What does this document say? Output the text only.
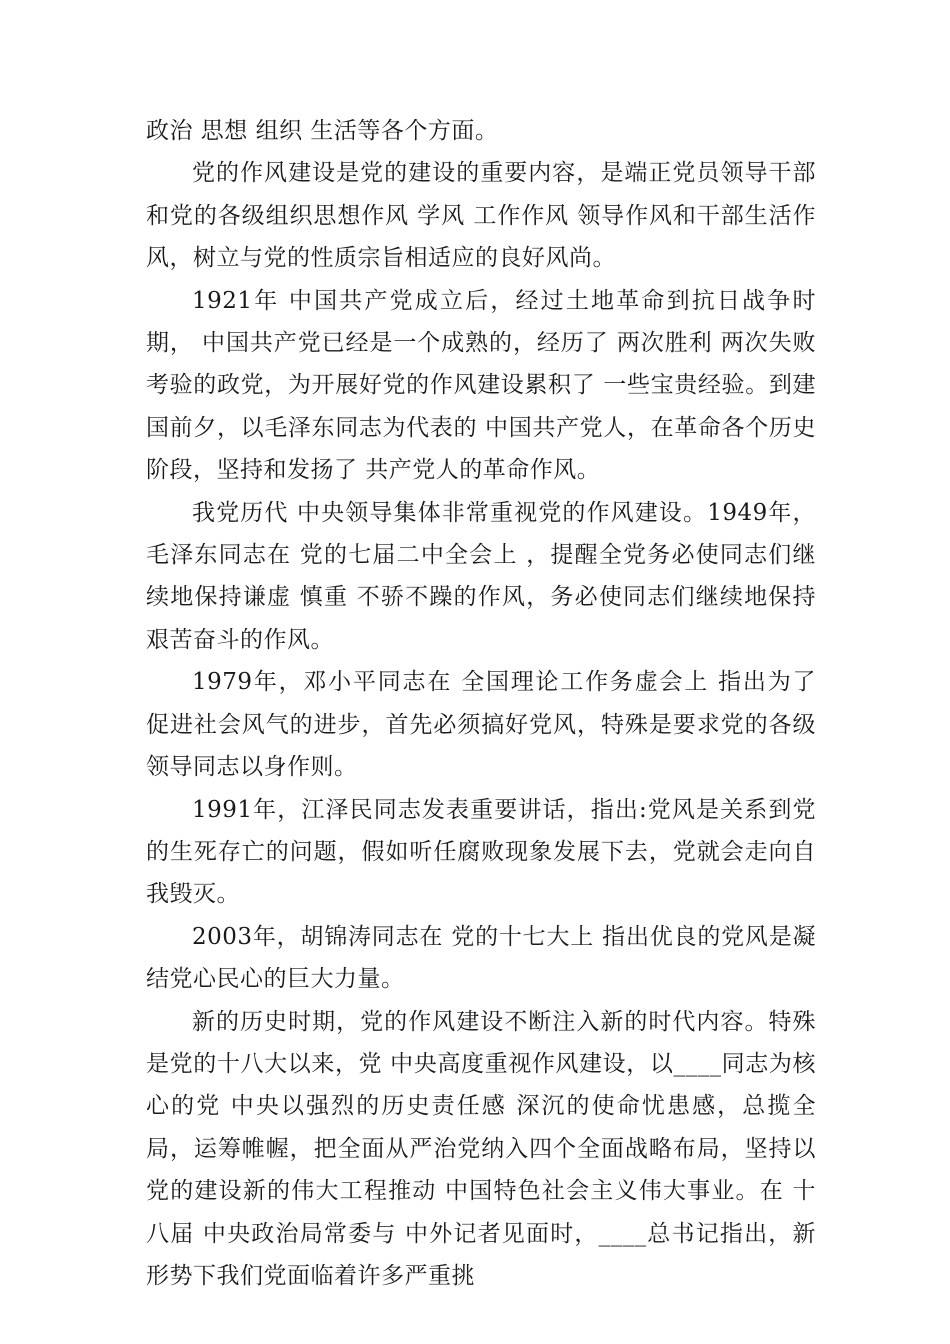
政治 思想 组织 生活等各个方面。

党的作风建设是党的建设的重要内容，是端正党员领导干部和党的各级组织思想作风 学风 工作作风 领导作风和干部生活作风，树立与党的性质宗旨相适应的良好风尚。

1921年 中国共产党成立后，经过土地革命到抗日战争时期， 中国共产党已经是一个成熟的，经历了 两次胜利 两次失败考验的政党，为开展好党的作风建设累积了 一些宝贵经验。到建国前夕，以毛泽东同志为代表的 中国共产党人，在革命各个历史阶段，坚持和发扬了 共产党人的革命作风。

我党历代 中央领导集体非常重视党的作风建设。1949年，毛泽东同志在 党的七届二中全会上 ，提醒全党务必使同志们继续地保持谦虚 慎重 不骄不躁的作风，务必使同志们继续地保持艰苦奋斗的作风。

1979年，邓小平同志在 全国理论工作务虚会上 指出为了 促进社会风气的进步，首先必须搞好党风，特殊是要求党的各级领导同志以身作则。

1991年，江泽民同志发表重要讲话，指出:党风是关系到党的生死存亡的问题，假如听任腐败现象发展下去，党就会走向自我毁灭。

2003年，胡锦涛同志在 党的十七大上 指出优良的党风是凝结党心民心的巨大力量。

新的历史时期，党的作风建设不断注入新的时代内容。特殊是党的十八大以来，党 中央高度重视作风建设，以____同志为核心的党 中央以强烈的历史责任感 深沉的使命忧患感，总揽全局，运筹帷幄，把全面从严治党纳入四个全面战略布局，坚持以党的建设新的伟大工程推动 中国特色社会主义伟大事业。在 十八届 中央政治局常委与 中外记者见面时，____总书记指出，新形势下我们党面临着许多严重挑
